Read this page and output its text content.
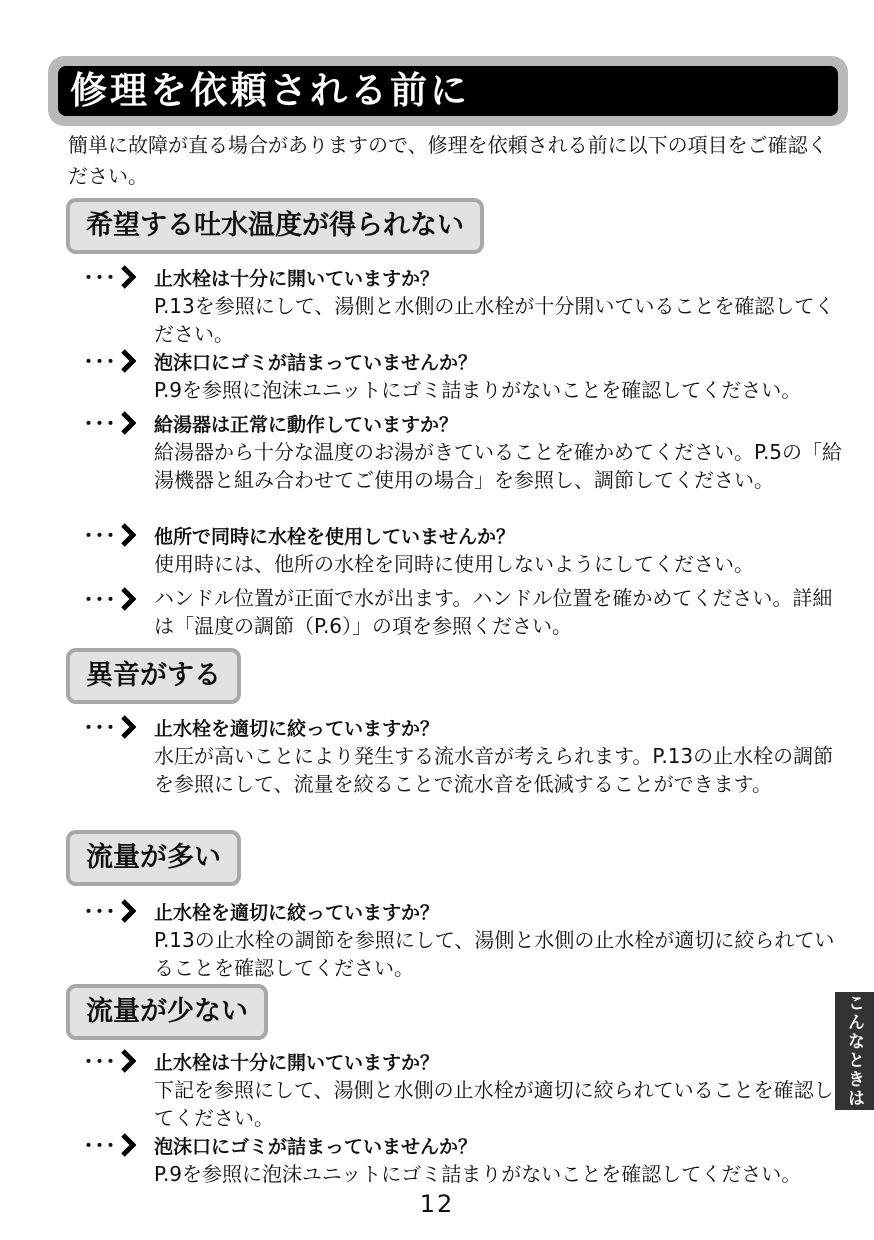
修理を依頼される前に
簡単に故障が直る場合がありますので、修理を依頼される前に以下の項目をご確認ください。
希望する吐水温度が得られない
･･･ 止水栓は十分に開いていますか？
P.13を参照にして、湯側と水側の止水栓が十分開いていることを確認してください。
･･･ 泡沫口にゴミが詰まっていませんか？
P.9を参照に泡沫ユニットにゴミ詰まりがないことを確認してください。
･･･ 給湯器は正常に動作していますか？
給湯器から十分な温度のお湯がきていることを確かめてください。P.5の「給湯機器と組み合わせてご使用の場合」を参照し、調節してください。
･･･ 他所で同時に水栓を使用していませんか？
使用時には、他所の水栓を同時に使用しないようにしてください。
･･･ ハンドル位置が正面で水が出ます。ハンドル位置を確かめてください。詳細は「温度の調節（P.6）」の項を参照ください。
異音がする
･･･ 止水栓を適切に絞っていますか？
水圧が高いことにより発生する流水音が考えられます。P.13の止水栓の調節を参照にして、流量を絞ることで流水音を低減することができます。
流量が多い
･･･ 止水栓を適切に絞っていますか？
P.13の止水栓の調節を参照にして、湯側と水側の止水栓が適切に絞られていることを確認してください。
流量が少ない
･･･ 止水栓は十分に開いていますか？
下記を参照にして、湯側と水側の止水栓が適切に絞られていることを確認してください。
･･･ 泡沫口にゴミが詰まっていませんか？
P.9を参照に泡沫ユニットにゴミ詰まりがないことを確認してください。
こんなときは
12
